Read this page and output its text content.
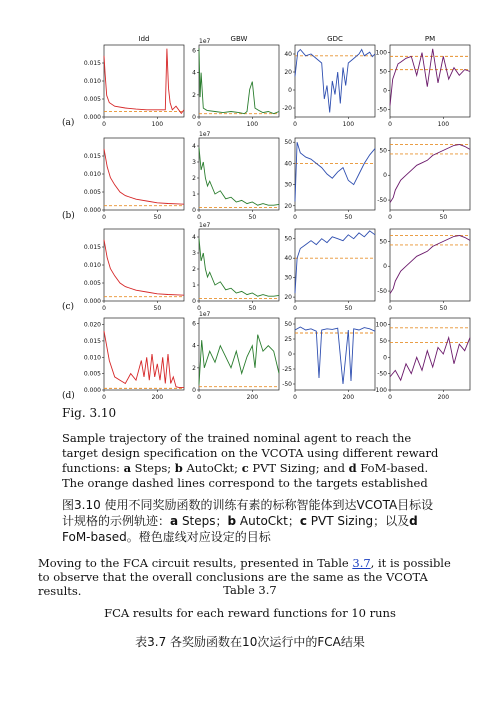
Idd	GBW	GDC	PM
(a)
(b)
(c)
(d)
0	100
0.000
0.005
0.010
0.015
0	100
0
2
4
6
1e7
0	100
-20
0
20
40
0	100
-50
0
50
100
0	50
0.000
0.005
0.010
0.015
0	50
0
1
2
3
4
1e7
0	50
20
30
40
50
0	50
-50
0
50
0	50
0.000
0.005
0.010
0.015
0	50
0
1
2
3
4
1e7
0	50
20
30
40
50
0	50
-50
0
50
0	200
0.000
0.005
0.010
0.015
0.020
0	200
0
2
4
6
1e7
0	200
-50
-25
0
25
50
0	200
-100
-50
0
50
100
Fig. 3.10
Sample trajectory of the trained nominal agent to reach the target design specification on the VCOTA using different reward functions: a Steps; b AutoCkt; c PVT Sizing; and d FoM-based. The orange dashed lines correspond to the targets established
图3.10 使用不同奖励函数的训练有素的标称智能体到达VCOTA目标设计规格的示例轨迹：a Steps；b AutoCkt；c PVT Sizing；以及d FoM-based。橙色虚线对应设定的目标
Moving to the FCA circuit results, presented in Table 3.7, it is possible to observe that the overall conclusions are the same as the VCOTA results.	Table 3.7
FCA results for each reward functions for 10 runs
表3.7 各奖励函数在10次运行中的FCA结果
